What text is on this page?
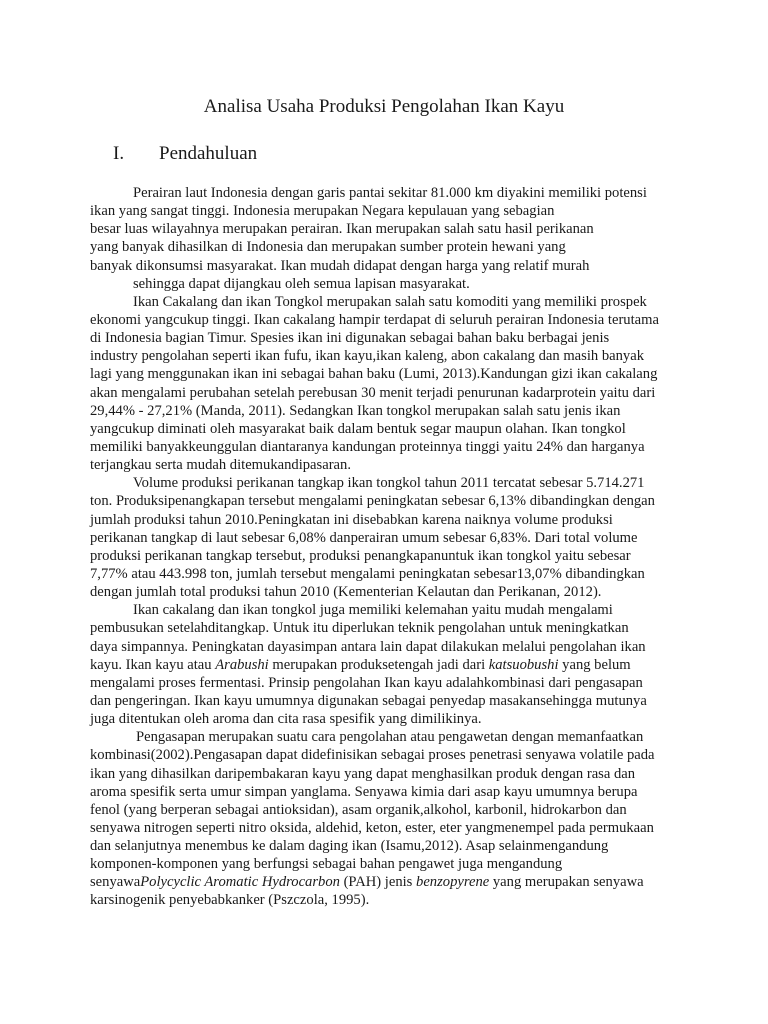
Analisa Usaha Produksi Pengolahan Ikan Kayu
I. Pendahuluan
Perairan laut Indonesia dengan garis pantai sekitar 81.000 km diyakini memiliki potensi
ikan yang sangat tinggi. Indonesia merupakan Negara kepulauan yang sebagian
besar luas wilayahnya merupakan perairan. Ikan merupakan salah satu hasil perikanan
yang banyak dihasilkan di Indonesia dan merupakan sumber protein hewani yang
banyak dikonsumsi masyarakat. Ikan mudah didapat dengan harga yang relatif murah
sehingga dapat dijangkau oleh semua lapisan masyarakat.
Ikan Cakalang dan ikan Tongkol merupakan salah satu komoditi yang memiliki prospek
ekonomi yangcukup tinggi. Ikan cakalang hampir terdapat di seluruh perairan Indonesia terutama
di Indonesia bagian Timur. Spesies ikan ini digunakan sebagai bahan baku berbagai jenis
industry pengolahan seperti ikan fufu, ikan kayu,ikan kaleng, abon cakalang dan masih banyak
lagi yang menggunakan ikan ini sebagai bahan baku (Lumi, 2013).Kandungan gizi ikan cakalang
akan mengalami perubahan setelah perebusan 30 menit terjadi penurunan kadarprotein yaitu dari
29,44% - 27,21% (Manda, 2011). Sedangkan Ikan tongkol merupakan salah satu jenis ikan
yangcukup diminati oleh masyarakat baik dalam bentuk segar maupun olahan. Ikan tongkol
memiliki banyakkeunggulan diantaranya kandungan proteinnya tinggi yaitu 24% dan harganya
terjangkau serta mudah ditemukandipasaran.
Volume produksi perikanan tangkap ikan tongkol tahun 2011 tercatat sebesar 5.714.271
ton. Produksipenangkapan tersebut mengalami peningkatan sebesar 6,13% dibandingkan dengan
jumlah produksi tahun 2010.Peningkatan ini disebabkan karena naiknya volume produksi
perikanan tangkap di laut sebesar 6,08% danperairan umum sebesar 6,83%. Dari total volume
produksi perikanan tangkap tersebut, produksi penangkapanuntuk ikan tongkol yaitu sebesar
7,77% atau 443.998 ton, jumlah tersebut mengalami peningkatan sebesar13,07% dibandingkan
dengan jumlah total produksi tahun 2010 (Kementerian Kelautan dan Perikanan, 2012).
Ikan cakalang dan ikan tongkol juga memiliki kelemahan yaitu mudah mengalami
pembusukan setelahditangkap. Untuk itu diperlukan teknik pengolahan untuk meningkatkan
daya simpannya. Peningkatan dayasimpan antara lain dapat dilakukan melalui pengolahan ikan
kayu. Ikan kayu atau Arabushi merupakan produksetengah jadi dari katsuobushi yang belum
mengalami proses fermentasi. Prinsip pengolahan Ikan kayu adalahkombinasi dari pengasapan
dan pengeringan. Ikan kayu umumnya digunakan sebagai penyedap masakansehingga mutunya
juga ditentukan oleh aroma dan cita rasa spesifik yang dimilikinya.
Pengasapan merupakan suatu cara pengolahan atau pengawetan dengan memanfaatkan
kombinasi(2002).Pengasapan dapat didefinisikan sebagai proses penetrasi senyawa volatile pada
ikan yang dihasilkan daripembakaran kayu yang dapat menghasilkan produk dengan rasa dan
aroma spesifik serta umur simpan yanglama. Senyawa kimia dari asap kayu umumnya berupa
fenol (yang berperan sebagai antioksidan), asam organik,alkohol, karbonil, hidrokarbon dan
senyawa nitrogen seperti nitro oksida, aldehid, keton, ester, eter yangmenempel pada permukaan
dan selanjutnya menembus ke dalam daging ikan (Isamu,2012). Asap selainmengandung
komponen-komponen yang berfungsi sebagai bahan pengawet juga mengandung
senyawaPolycyclic Aromatic Hydrocarbon (PAH) jenis benzopyrene yang merupakan senyawa
karsinogenik penyebabkanker (Pszczola, 1995).
